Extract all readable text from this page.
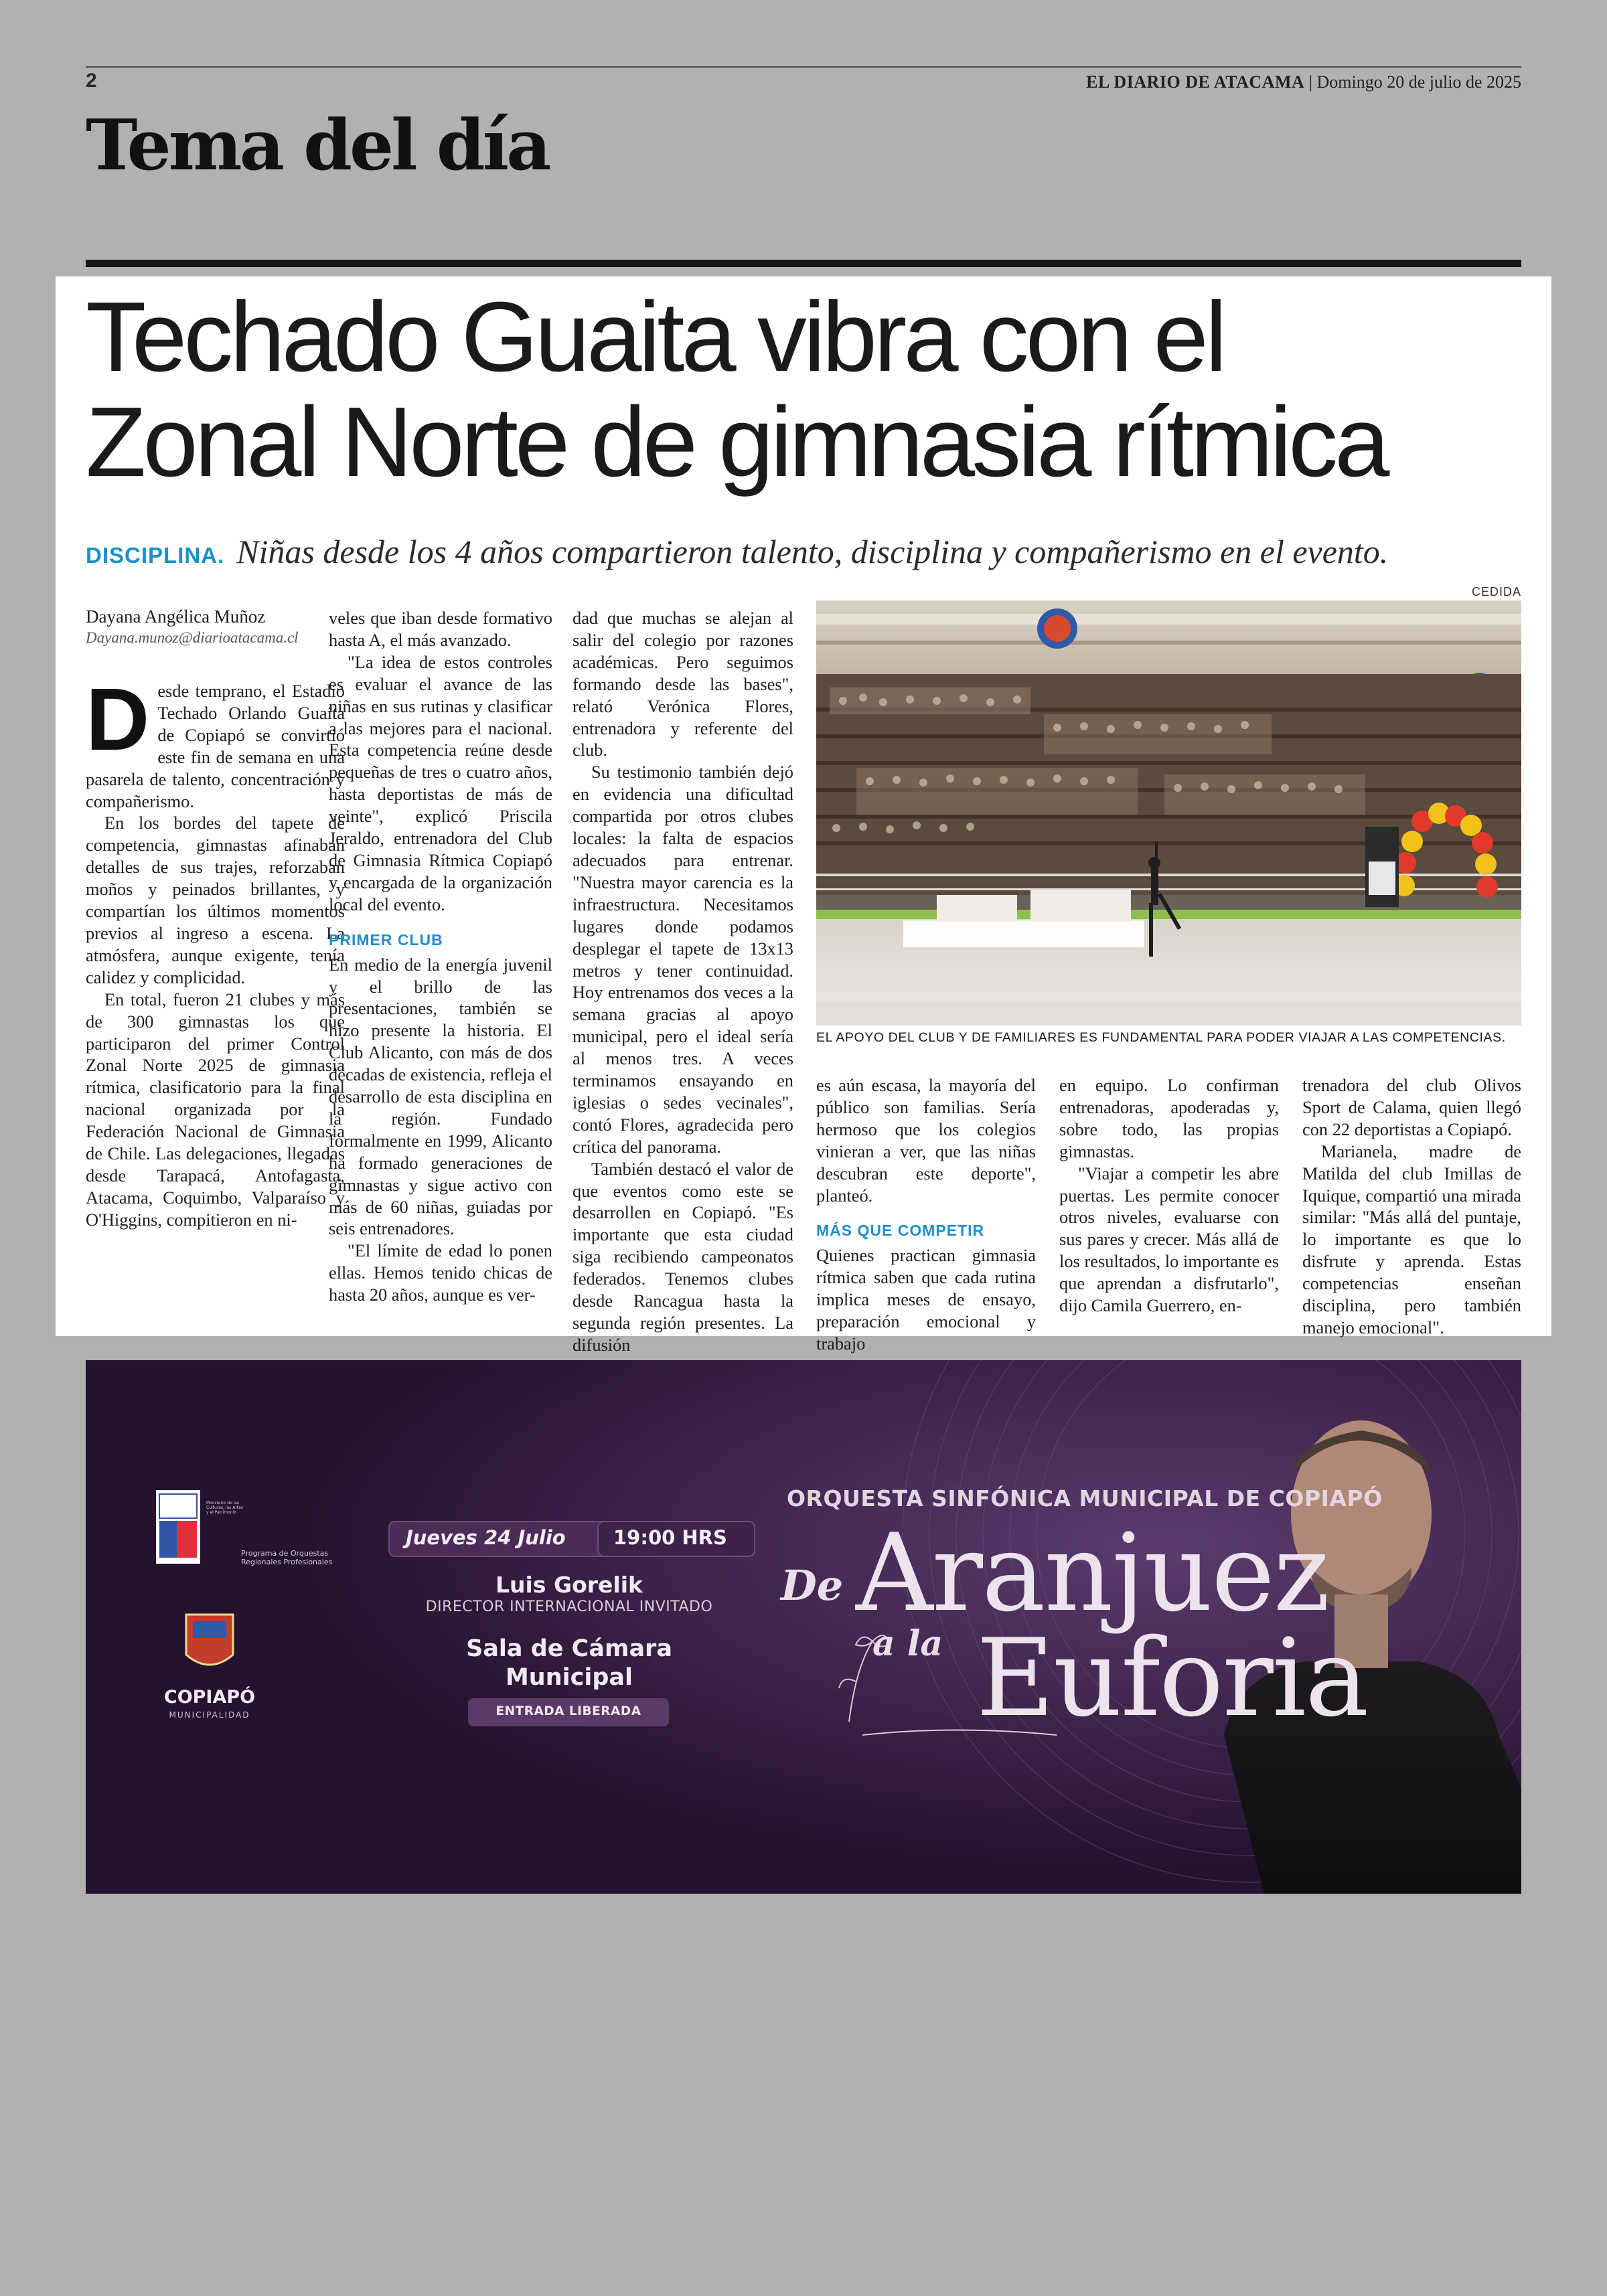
2	EL DIARIO DE ATACAMA | Domingo 20 de julio de 2025
Tema del día
Techado Guaita vibra con el
Zonal Norte de gimnasia rítmica
DISCIPLINA. Niñas desde los 4 años compartieron talento, disciplina y compañerismo en el evento.
CEDIDA
Dayana Angélica Muñoz
Dayana.munoz@diarioatacama.cl

Desde temprano, el Estadio Techado Orlando Guaita de Copiapó se convirtió este fin de semana en una pasarela de talento, concentración y compañerismo.

En los bordes del tapete de competencia, gimnastas afinaban detalles de sus trajes, reforzaban moños y peinados brillantes, y compartían los últimos momentos previos al ingreso a escena. La atmósfera, aunque exigente, tenía calidez y complicidad.

En total, fueron 21 clubes y más de 300 gimnastas los que participaron del primer Control Zonal Norte 2025 de gimnasia rítmica, clasificatorio para la final nacional organizada por la Federación Nacional de Gimnasia de Chile. Las delegaciones, llegadas desde Tarapacá, Antofagasta, Atacama, Coquimbo, Valparaíso y O'Higgins, compitieron en ni-

veles que iban desde formativo hasta A, el más avanzado.

"La idea de estos controles es evaluar el avance de las niñas en sus rutinas y clasificar a las mejores para el nacional. Esta competencia reúne desde pequeñas de tres o cuatro años, hasta deportistas de más de veinte", explicó Priscila Jeraldo, entrenadora del Club de Gimnasia Rítmica Copiapó y encargada de la organización local del evento.

PRIMER CLUB

En medio de la energía juvenil y el brillo de las presentaciones, también se hizo presente la historia. El Club Alicanto, con más de dos décadas de existencia, refleja el desarrollo de esta disciplina en la región. Fundado formalmente en 1999, Alicanto ha formado generaciones de gimnastas y sigue activo con más de 60 niñas, guiadas por seis entrenadores.

"El límite de edad lo ponen ellas. Hemos tenido chicas de hasta 20 años, aunque es ver-

dad que muchas se alejan al salir del colegio por razones académicas. Pero seguimos formando desde las bases", relató Verónica Flores, entrenadora y referente del club.

Su testimonio también dejó en evidencia una dificultad compartida por otros clubes locales: la falta de espacios adecuados para entrenar. "Nuestra mayor carencia es la infraestructura. Necesitamos lugares donde podamos desplegar el tapete de 13x13 metros y tener continuidad. Hoy entrenamos dos veces a la semana gracias al apoyo municipal, pero el ideal sería al menos tres. A veces terminamos ensayando en iglesias o sedes vecinales", contó Flores, agradecida pero crítica del panorama.

También destacó el valor de que eventos como este se desarrollen en Copiapó. "Es importante que esta ciudad siga recibiendo campeonatos federados. Tenemos clubes desde Rancagua hasta la segunda región presentes. La difusión

EL APOYO DEL CLUB Y DE FAMILIARES ES FUNDAMENTAL PARA PODER VIAJAR A LAS COMPETENCIAS.

es aún escasa, la mayoría del público son familias. Sería hermoso que los colegios vinieran a ver, que las niñas descubran este deporte", planteó.

MÁS QUE COMPETIR

Quienes practican gimnasia rítmica saben que cada rutina implica meses de ensayo, preparación emocional y trabajo

en equipo. Lo confirman entrenadoras, apoderadas y, sobre todo, las propias gimnastas.

"Viajar a competir les abre puertas. Les permite conocer otros niveles, evaluarse con sus pares y crecer. Más allá de los resultados, lo importante es que aprendan a disfrutarlo", dijo Camila Guerrero, en-

trenadora del club Olivos Sport de Calama, quien llegó con 22 deportistas a Copiapó.

Marianela, madre de Matilda del club Imillas de Iquique, compartió una mirada similar: "Más allá del puntaje, lo importante es que lo disfrute y aprenda. Estas competencias enseñan disciplina, pero también manejo emocional".

Ministerio de las Culturas, las Artes y el Patrimonio
Programa de Orquestas
Regionales Profesionales
COPIAPÓ
MUNICIPALIDAD
Jueves 24 Julio 19:00 HRS
Luis Gorelik
DIRECTOR INTERNACIONAL INVITADO
Sala de Cámara
Municipal
ENTRADA LIBERADA
ORQUESTA SINFÓNICA MUNICIPAL DE COPIAPÓ
De Aranjuez
a la Euforia
